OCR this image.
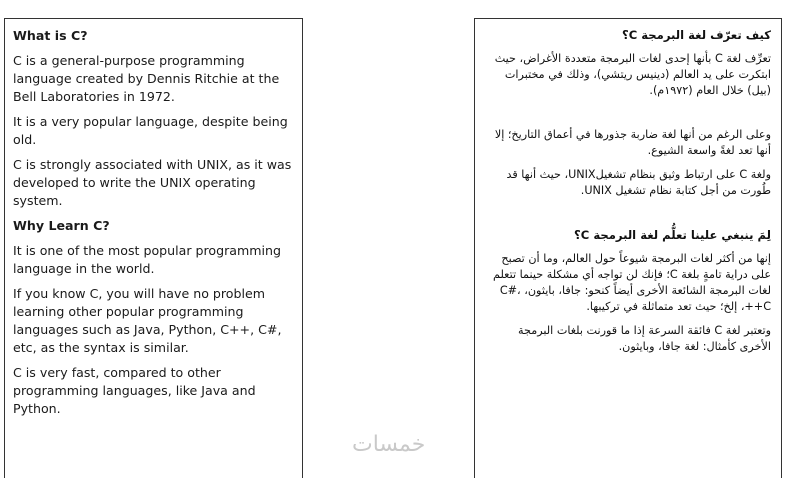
What is C?
C is a general-purpose programming language created by Dennis Ritchie at the Bell Laboratories in 1972.
It is a very popular language, despite being old.
C is strongly associated with UNIX, as it was developed to write the UNIX operating system.
Why Learn C?
It is one of the most popular programming language in the world.
If you know C, you will have no problem learning other popular programming languages such as Java, Python, C++, C#, etc, as the syntax is similar.
C is very fast, compared to other programming languages, like Java and Python.
كيف تعرّف لغة البرمجة C؟
تعرِّف لغة C بأنها إحدى لغات البرمجة متعددة الأغراض، حيث ابتكرت على يد العالم (دينيس ريتشي)، وذلك في مختبرات (بيل) خلال العام (١٩٧٢م).
وعلى الرغم من أنها لغة ضاربة جذورها في أعماق التاريخ؛ إلا أنها تعد لغةً واسعة الشيوع.
ولغة C على ارتباط وثيق بنظام تشغيلUNIX، حيث أنها قد طُورت من أجل كتابة نظام تشغيل UNIX.
لِمَ ينبغي علينا تعلُّم لغة البرمجة C؟
إنها من أكثر لغات البرمجة شيوعاً حول العالم، وما أن تصبح على دراية تامةٍ بلغة C؛ فإنك لن تواجه أي مشكلة حينما تتعلم لغات البرمجة الشائعة الأخرى أيضاً كنحو: جافا، بايثون، C#، C++، إلخ؛ حيث تعد متماثلة في تركيبها.
وتعتبر لغة C فائقة السرعة إذا ما قورنت بلغات البرمجة الأخرى كأمثال: لغة جافا، وبايثون.
خمسات
